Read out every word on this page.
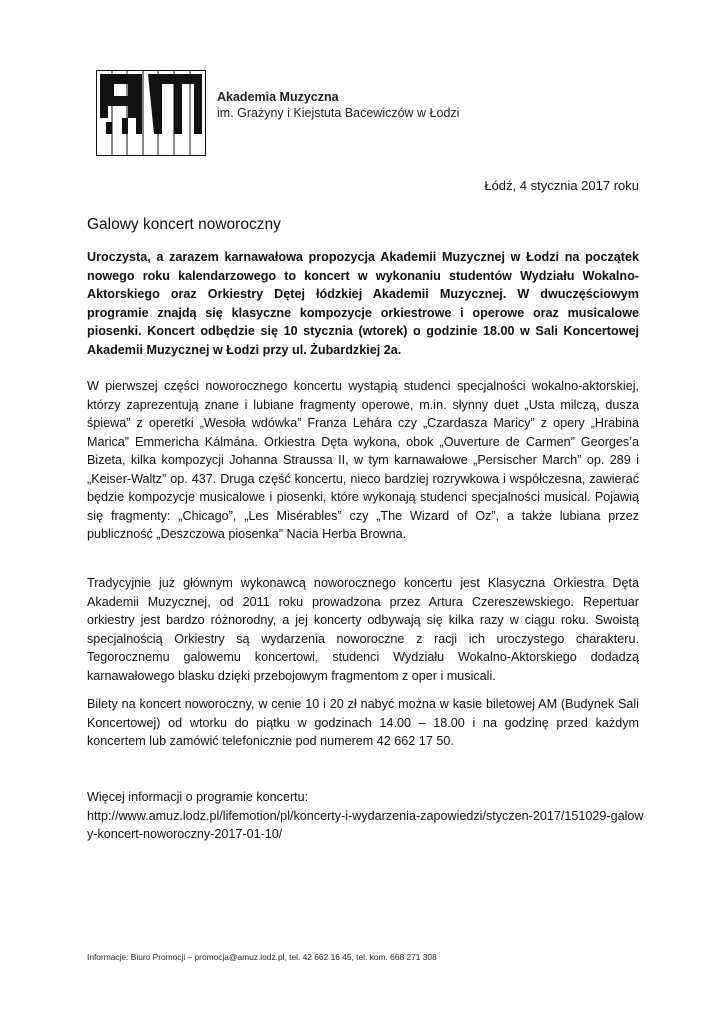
Akademia Muzyczna
im. Grażyny i Kiejstuta Bacewiczów w Łodzi
Łódź, 4 stycznia 2017 roku
Galowy koncert noworoczny

Uroczysta, a zarazem karnawałowa propozycja Akademii Muzycznej w Łodzi na początek nowego roku kalendarzowego to koncert w wykonaniu studentów Wydziału Wokalno-Aktorskiego oraz Orkiestry Dętej łódzkiej Akademii Muzycznej. W dwuczęściowym programie znajdą się klasyczne kompozycje orkiestrowe i operowe oraz musicalowe piosenki. Koncert odbędzie się 10 stycznia (wtorek) o godzinie 18.00 w Sali Koncertowej Akademii Muzycznej w Łodzi przy ul. Żubardzkiej 2a.

W pierwszej części noworocznego koncertu wystąpią studenci specjalności wokalno-aktorskiej, którzy zaprezentują znane i lubiane fragmenty operowe, m.in. słynny duet „Usta milczą, dusza śpiewa” z operetki „Wesoła wdówka” Franza Lehára czy „Czardasza Maricy” z opery „Hrabina Marica” Emmericha Kálmána. Orkiestra Dęta wykona, obok „Ouverture de Carmen” Georges’a Bizeta, kilka kompozycji Johanna Straussa II, w tym karnawałowe „Persischer March” op. 289 i „Keiser-Waltz” op. 437. Druga część koncertu, nieco bardziej rozrywkowa i współczesna, zawierać będzie kompozycje musicalowe i piosenki, które wykonają studenci specjalności musical. Pojawią się fragmenty: „Chicago”, „Les Misérables” czy „The Wizard of Oz”, a także lubiana przez publiczność „Deszczowa piosenka” Nacia Herba Browna.

Tradycyjnie już głównym wykonawcą noworocznego koncertu jest Klasyczna Orkiestra Dęta Akademii Muzycznej, od 2011 roku prowadzona przez Artura Czereszewskiego. Repertuar orkiestry jest bardzo różnorodny, a jej koncerty odbywają się kilka razy w ciągu roku. Swoistą specjalnością Orkiestry są wydarzenia noworoczne z racji ich uroczystego charakteru. Tegorocznemu galowemu koncertowi, studenci Wydziału Wokalno-Aktorskiego dodadzą karnawałowego blasku dzięki przebojowym fragmentom z oper i musicali.

Bilety na koncert noworoczny, w cenie 10 i 20 zł nabyć można w kasie biletowej AM (Budynek Sali Koncertowej) od wtorku do piątku w godzinach 14.00 – 18.00 i na godzinę przed każdym koncertem lub zamówić telefonicznie pod numerem 42 662 17 50.

Więcej informacji o programie koncertu:
http://www.amuz.lodz.pl/lifemotion/pl/koncerty-i-wydarzenia-zapowiedzi/styczen-2017/151029-galowy-koncert-noworoczny-2017-01-10/

Informacje: Biuro Promocji – promocja@amuz.lodz.pl, tel. 42 662 16 45, tel. kom. 668 271 308
